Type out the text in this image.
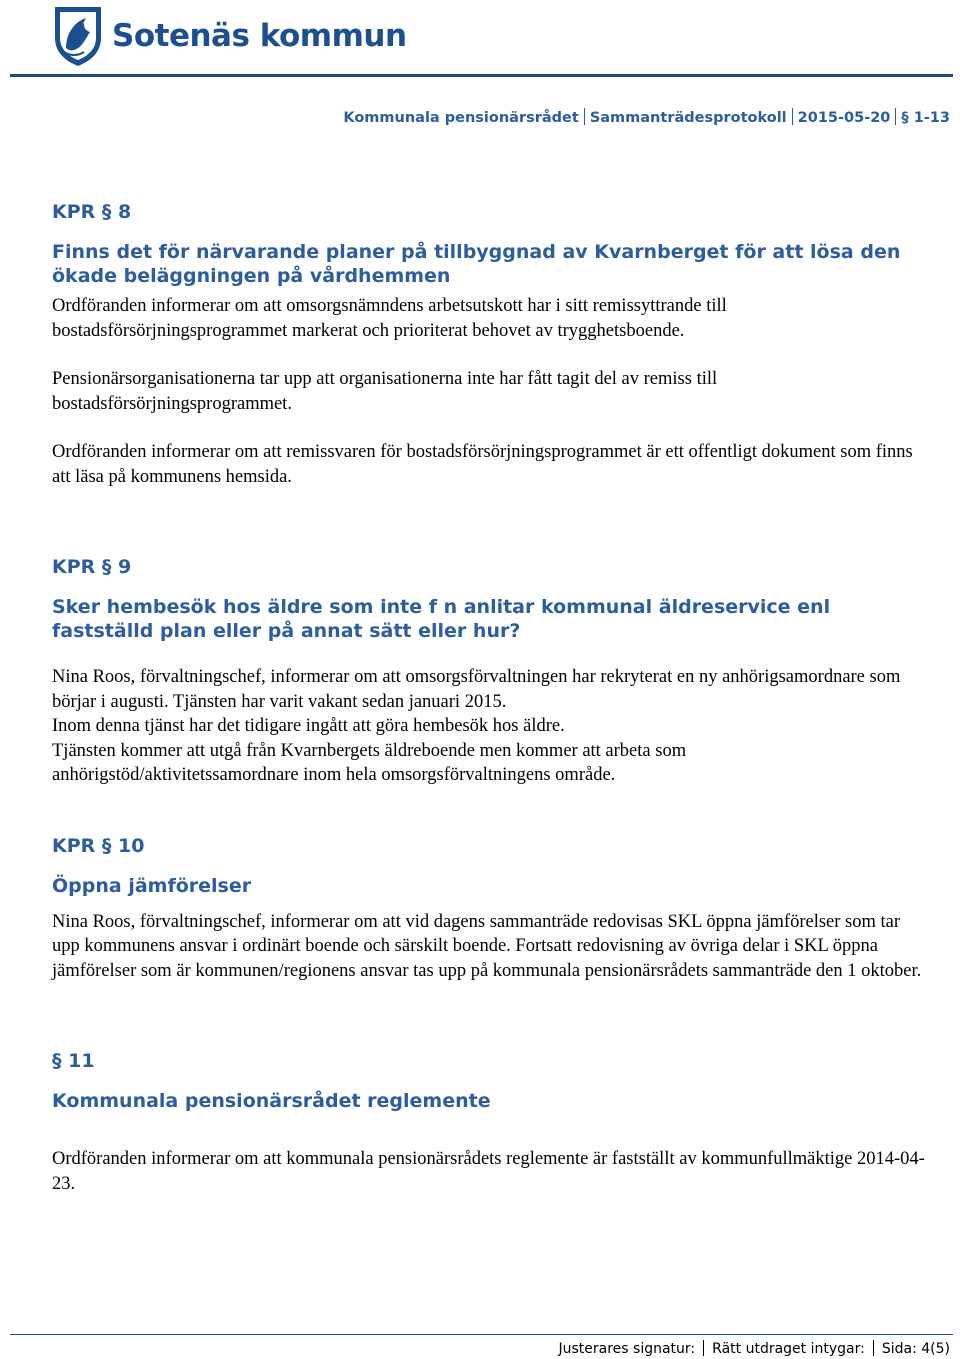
Sotenäs kommun
Kommunala pensionärsrådet Sammanträdesprotokoll 2015-05-20 § 1-13

KPR § 8

Finns det för närvarande planer på tillbyggnad av Kvarnberget för att lösa den ökade beläggningen på vårdhemmen

Ordföranden informerar om att omsorgsnämndens arbetsutskott har i sitt remissyttrande till bostadsförsörjningsprogrammet markerat och prioriterat behovet av trygghetsboende.

Pensionärsorganisationerna tar upp att organisationerna inte har fått tagit del av remiss till bostadsförsörjningsprogrammet.

Ordföranden informerar om att remissvaren för bostadsförsörjningsprogrammet är ett offentligt dokument som finns att läsa på kommunens hemsida.

KPR § 9

Sker hembesök hos äldre som inte f n anlitar kommunal äldreservice enl fastställd plan eller på annat sätt eller hur?

Nina Roos, förvaltningschef, informerar om att omsorgsförvaltningen har rekryterat en ny anhörigsamordnare som börjar i augusti. Tjänsten har varit vakant sedan januari 2015.

Inom denna tjänst har det tidigare ingått att göra hembesök hos äldre.

Tjänsten kommer att utgå från Kvarnbergets äldreboende men kommer att arbeta som anhörigstöd/aktivitetssamordnare inom hela omsorgsförvaltningens område.

KPR § 10

Öppna jämförelser

Nina Roos, förvaltningschef, informerar om att vid dagens sammanträde redovisas SKL öppna jämförelser som tar upp kommunens ansvar i ordinärt boende och särskilt boende. Fortsatt redovisning av övriga delar i SKL öppna jämförelser som är kommunen/regionens ansvar tas upp på kommunala pensionärsrådets sammanträde den 1 oktober.

§ 11

Kommunala pensionärsrådet reglemente

Ordföranden informerar om att kommunala pensionärsrådets reglemente är fastställt av kommunfullmäktige 2014-04-23.

Justerares signatur: Rätt utdraget intygar: Sida: 4(5)
